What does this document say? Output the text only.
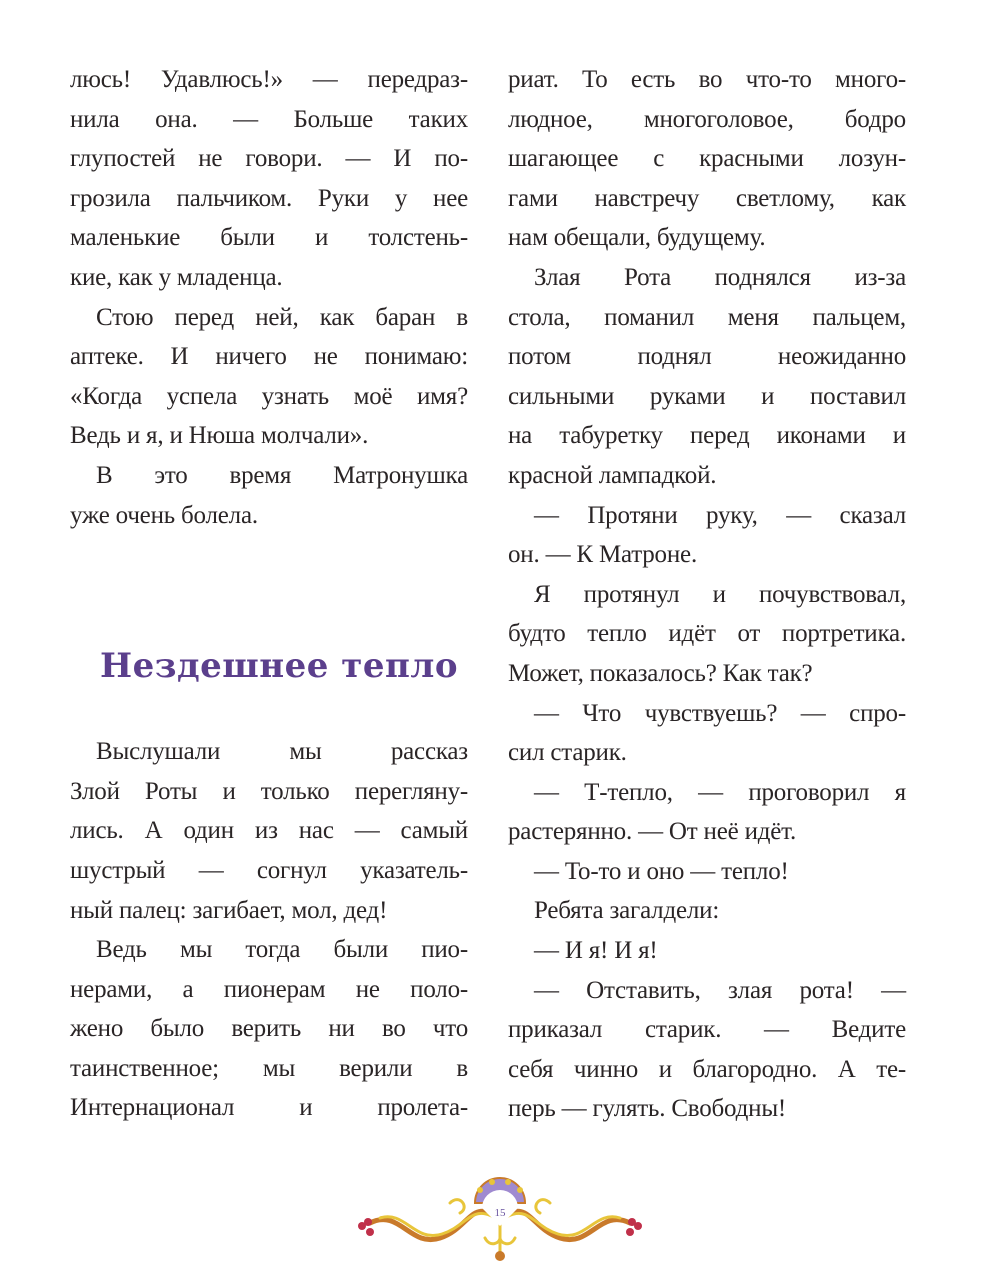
люсь! Удавлюсь!» — передраз-
нила она. — Больше таких
глупостей не говори. — И по-
грозила пальчиком. Руки у нее
маленькие были и толстень-
кие, как у младенца.
Стою перед ней, как баран в
аптеке. И ничего не понимаю:
«Когда успела узнать моё имя?
Ведь и я, и Нюша молчали».
В это время Матронушка
уже очень болела.
Нездешнее тепло
Выслушали мы рассказ
Злой Роты и только перегляну-
лись. А один из нас — самый
шустрый — согнул указатель-
ный палец: загибает, мол, дед!
Ведь мы тогда были пио-
нерами, а пионерам не поло-
жено было верить ни во что
таинственное; мы верили в
Интернационал и пролета-
риат. То есть во что-то много-
людное, многоголовое, бодро
шагающее с красными лозун-
гами навстречу светлому, как
нам обещали, будущему.
Злая Рота поднялся из-за
стола, поманил меня пальцем,
потом поднял неожиданно
сильными руками и поставил
на табуретку перед иконами и
красной лампадкой.
— Протяни руку, — сказал
он. — К Матроне.
Я протянул и почувствовал,
будто тепло идёт от портретика.
Может, показалось? Как так?
— Что чувствуешь? — спро-
сил старик.
— Т-тепло, — проговорил я
растерянно. — От неё идёт.
— То-то и оно — тепло!
Ребята загалдели:
— И я! И я!
— Отставить, злая рота! —
приказал старик. — Ведите
себя чинно и благородно. А те-
перь — гулять. Свободны!
15
